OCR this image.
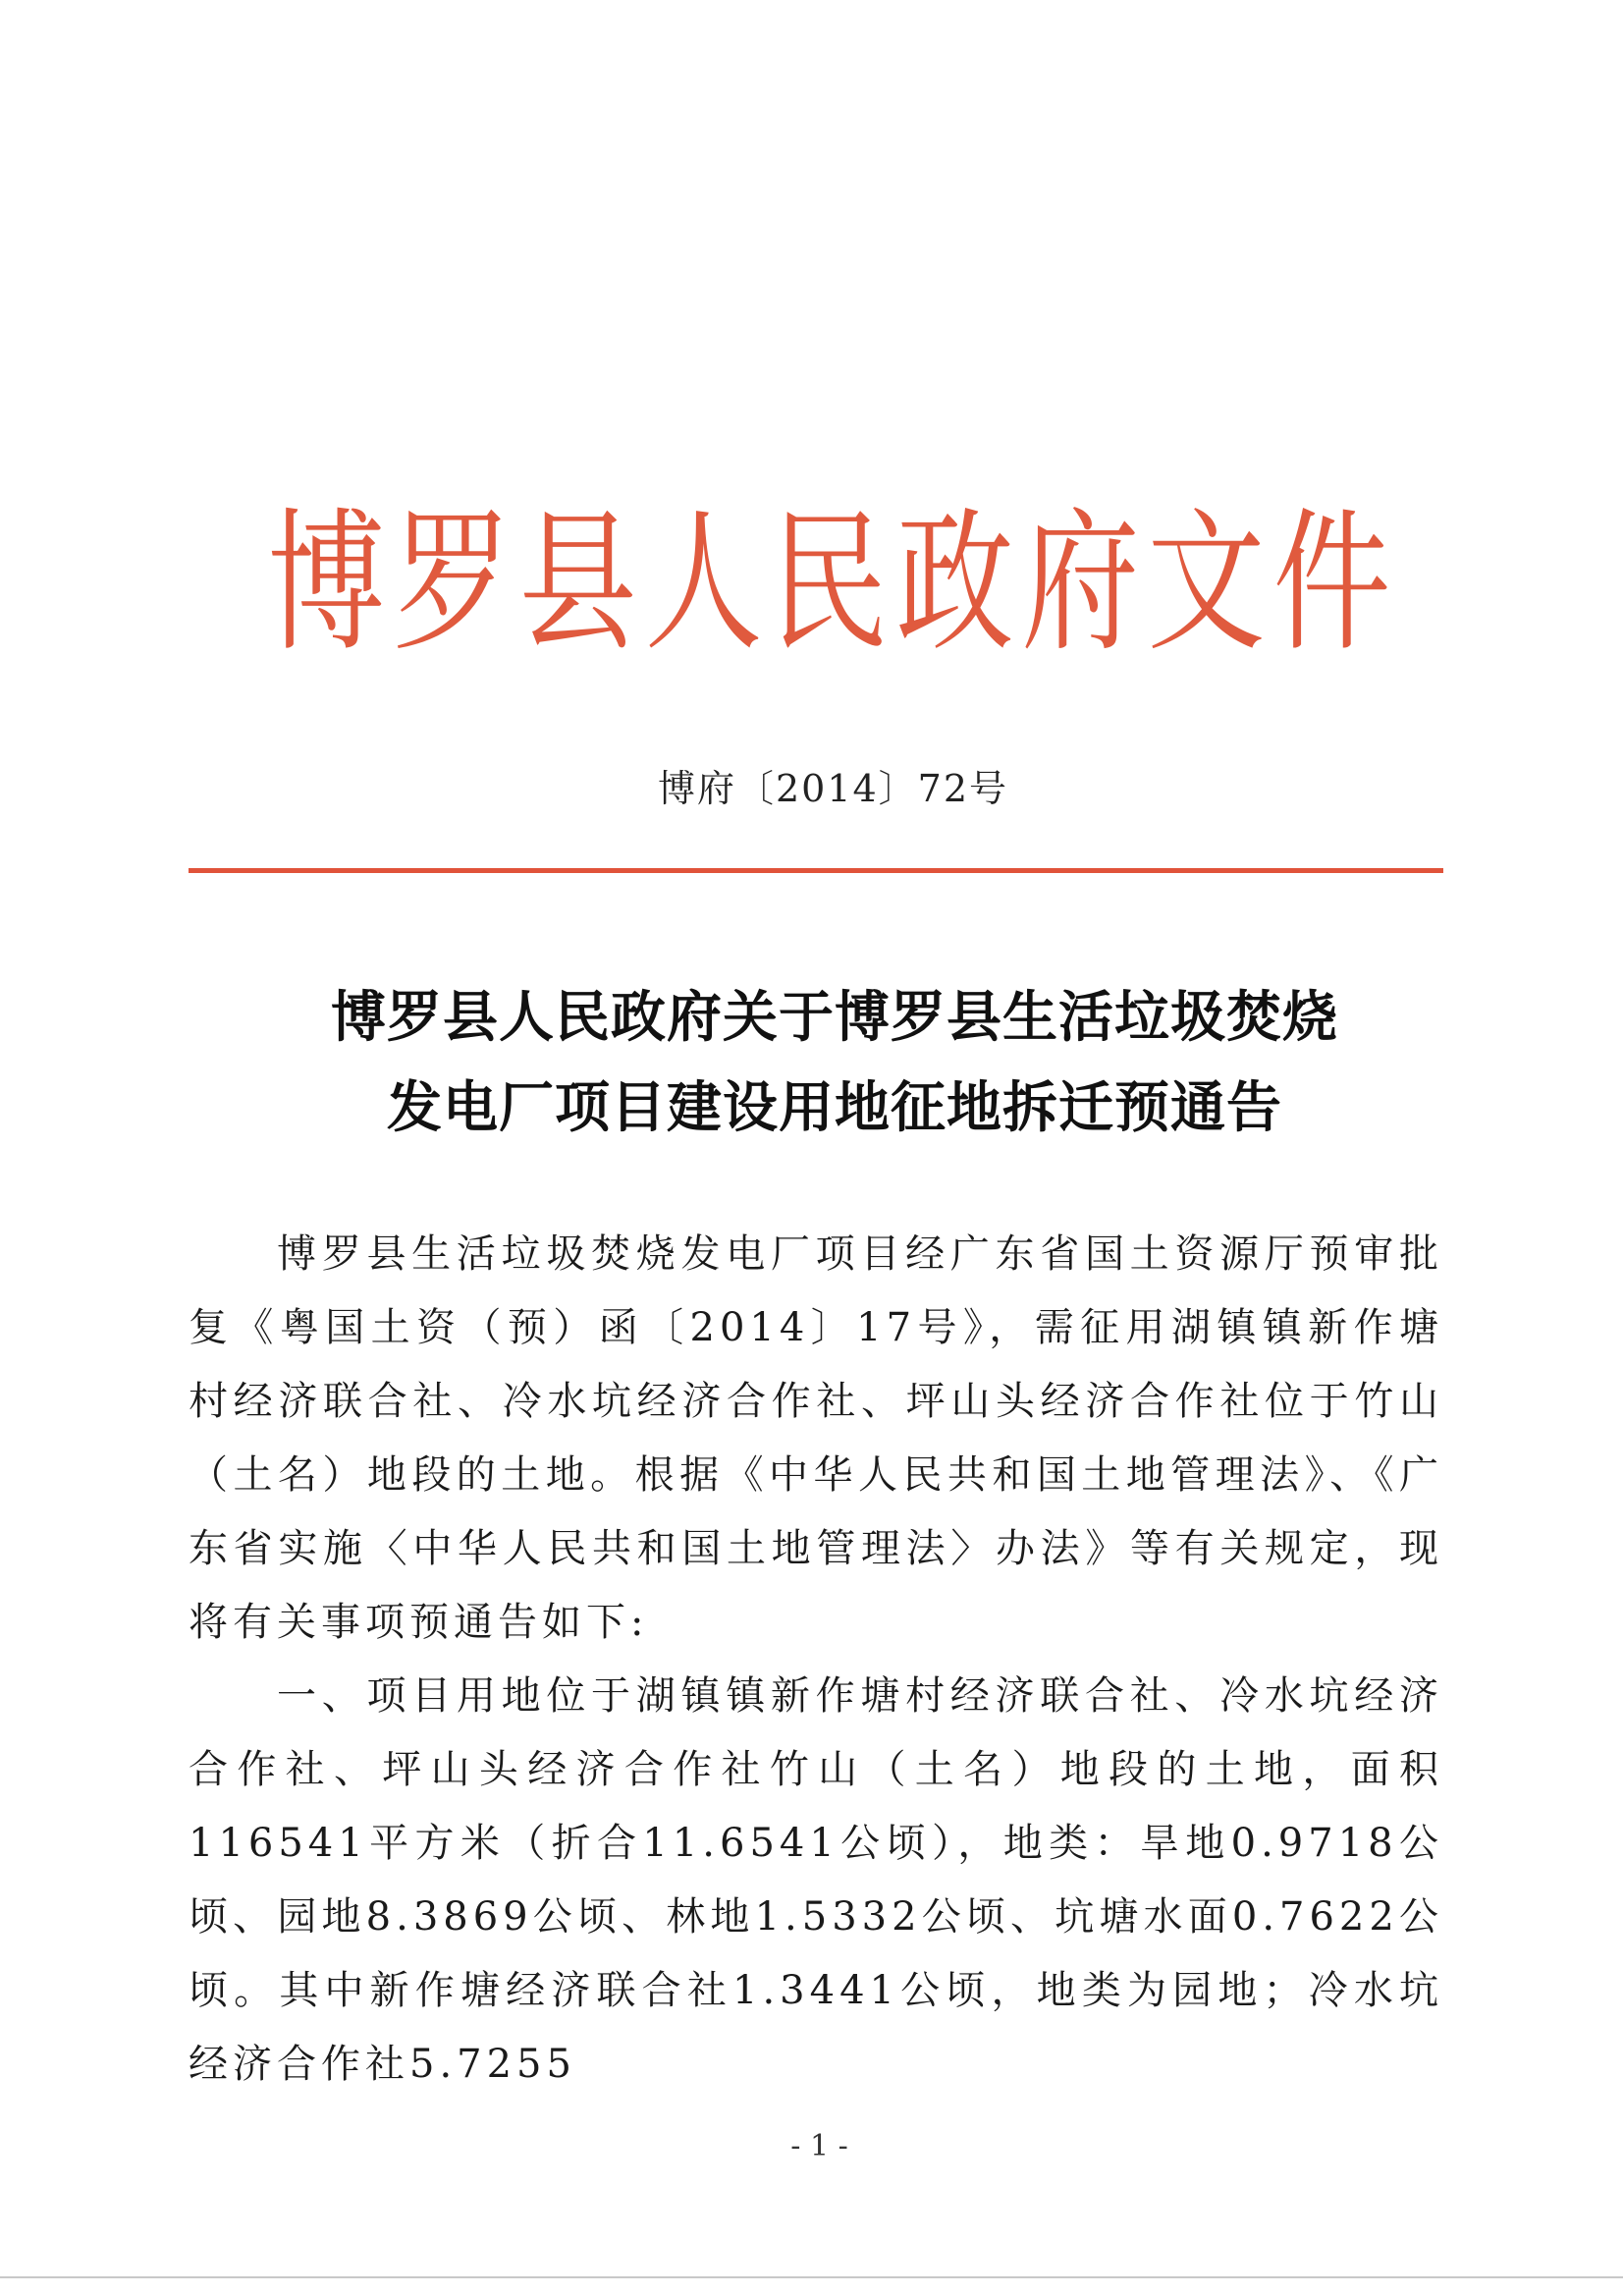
博罗县人民政府文件
博府〔2014〕72号
博罗县人民政府关于博罗县生活垃圾焚烧
发电厂项目建设用地征地拆迁预通告

博罗县生活垃圾焚烧发电厂项目经广东省国土资源厅预审批复《粤国土资（预）函〔2014〕17号》，需征用湖镇镇新作塘村经济联合社、冷水坑经济合作社、坪山头经济合作社位于竹山（土名）地段的土地。根据《中华人民共和国土地管理法》、《广东省实施〈中华人民共和国土地管理法〉办法》等有关规定，现将有关事项预通告如下:

一、项目用地位于湖镇镇新作塘村经济联合社、冷水坑经济合作社、坪山头经济合作社竹山（土名）地段的土地，面积116541平方米（折合11.6541公顷），地类：旱地0.9718公顷、园地8.3869公顷、林地1.5332公顷、坑塘水面0.7622公顷。其中新作塘经济联合社1.3441公顷，地类为园地；冷水坑经济合作社5.7255

- 1 -
